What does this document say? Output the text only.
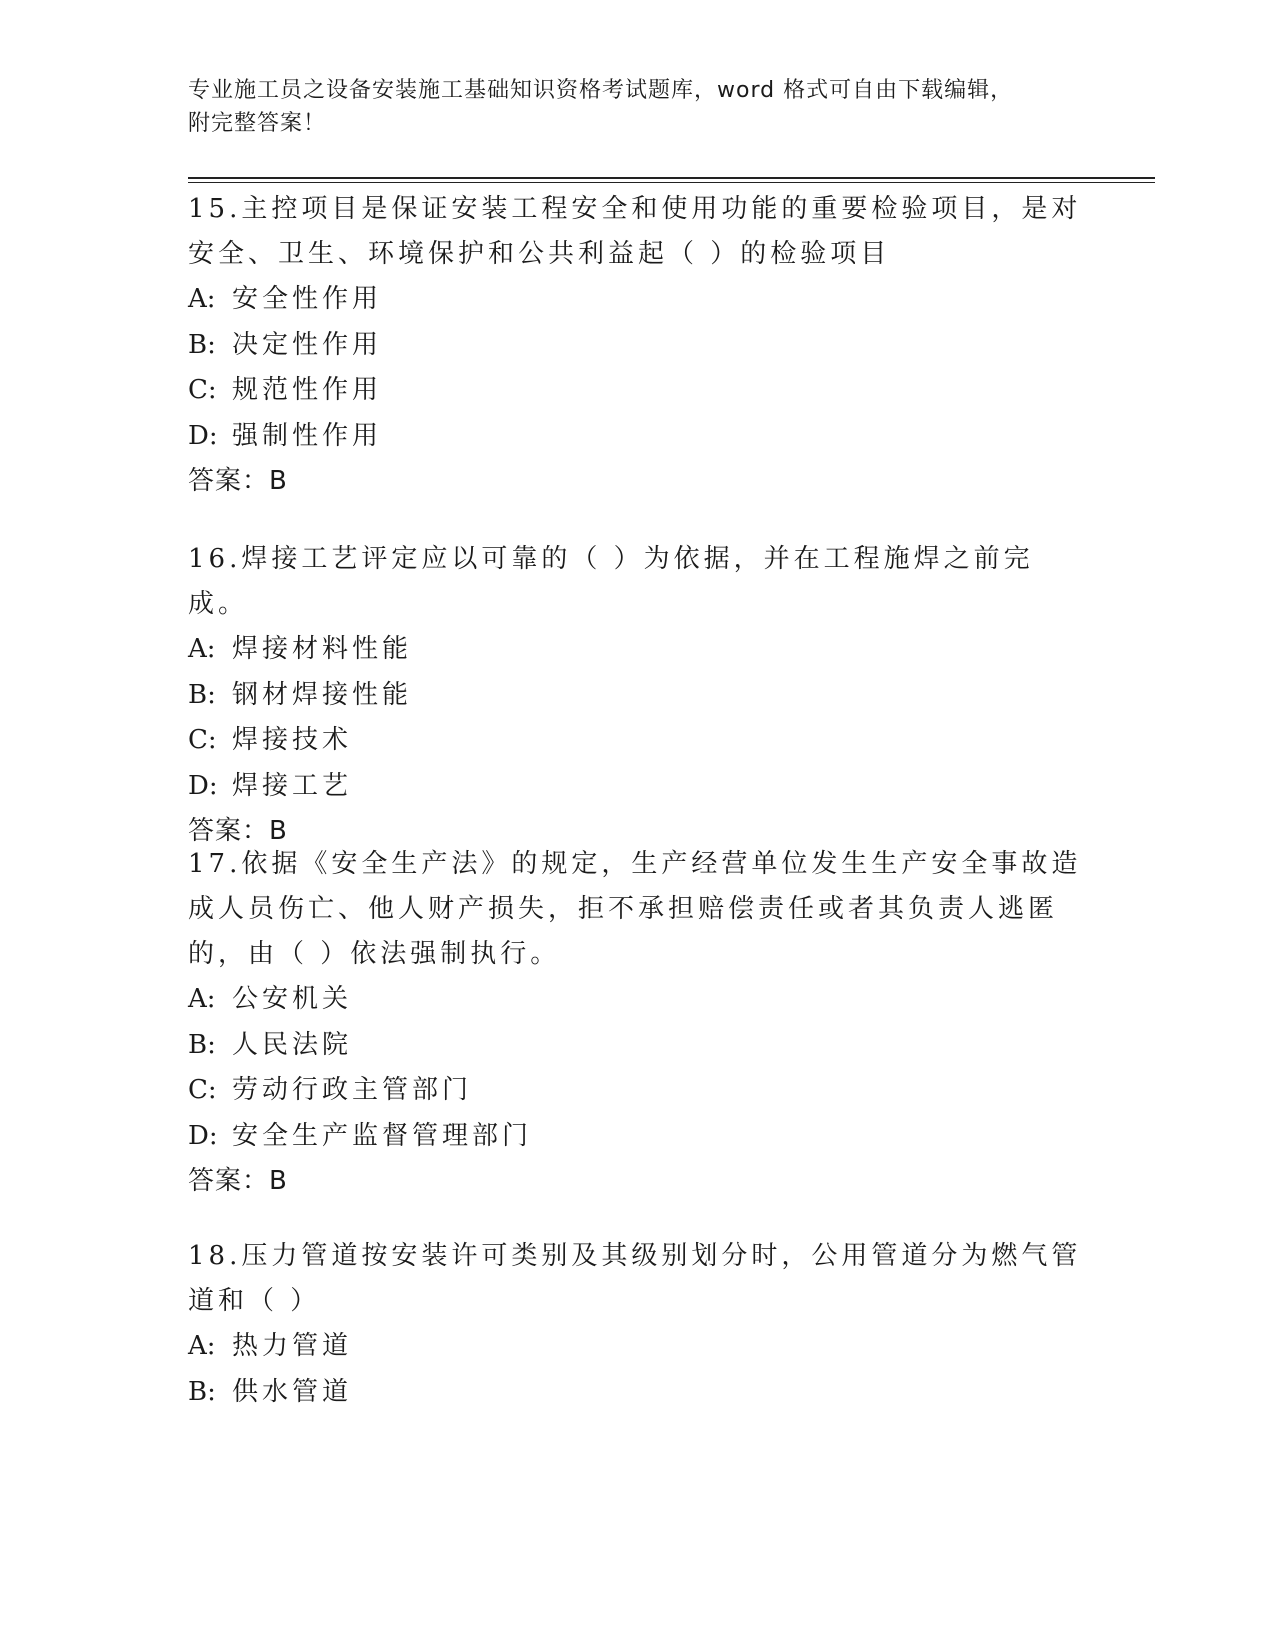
专业施工员之设备安装施工基础知识资格考试题库，word 格式可自由下载编辑，
附完整答案！

15.主控项目是保证安装工程安全和使用功能的重要检验项目，是对安全、卫生、环境保护和公共利益起（ ）的检验项目

A: 安全性作用

B: 决定性作用

C: 规范性作用

D: 强制性作用

答案：B

16.焊接工艺评定应以可靠的（ ）为依据，并在工程施焊之前完成。

A: 焊接材料性能

B: 钢材焊接性能

C: 焊接技术

D: 焊接工艺

答案：B

17.依据《安全生产法》的规定，生产经营单位发生生产安全事故造成人员伤亡、他人财产损失，拒不承担赔偿责任或者其负责人逃匿的，由（ ）依法强制执行。

A: 公安机关

B: 人民法院

C: 劳动行政主管部门

D: 安全生产监督管理部门

答案：B

18.压力管道按安装许可类别及其级别划分时，公用管道分为燃气管道和（ ）

A: 热力管道

B: 供水管道
